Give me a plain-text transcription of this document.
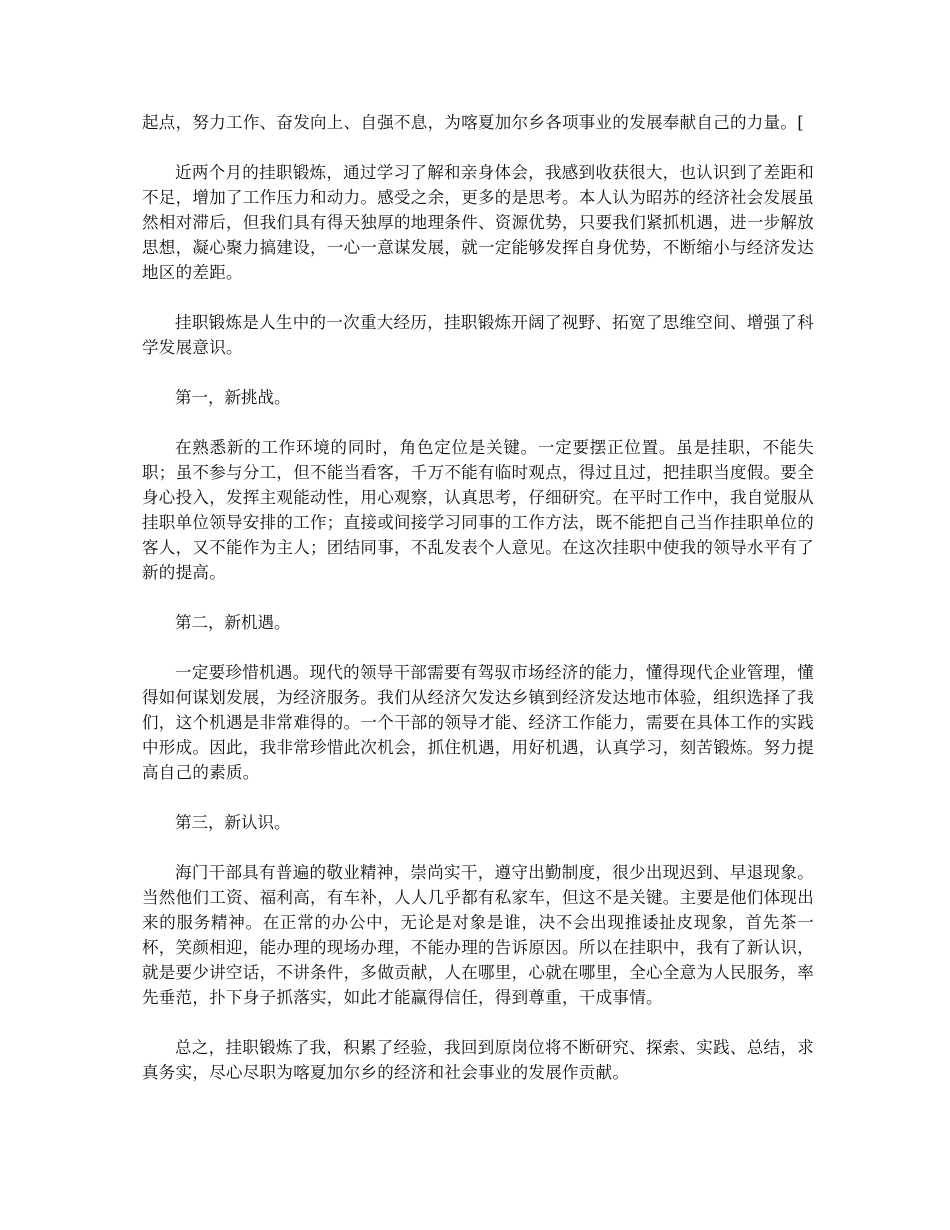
起点，努力工作、奋发向上、自强不息，为喀夏加尔乡各项事业的发展奉献自己的力量。[

近两个月的挂职锻炼，通过学习了解和亲身体会，我感到收获很大，也认识到了差距和不足，增加了工作压力和动力。感受之余，更多的是思考。本人认为昭苏的经济社会发展虽然相对滞后，但我们具有得天独厚的地理条件、资源优势，只要我们紧抓机遇，进一步解放思想，凝心聚力搞建设，一心一意谋发展，就一定能够发挥自身优势，不断缩小与经济发达地区的差距。

挂职锻炼是人生中的一次重大经历，挂职锻炼开阔了视野、拓宽了思维空间、增强了科学发展意识。

第一，新挑战。

在熟悉新的工作环境的同时，角色定位是关键。一定要摆正位置。虽是挂职，不能失职；虽不参与分工，但不能当看客，千万不能有临时观点，得过且过，把挂职当度假。要全身心投入，发挥主观能动性，用心观察，认真思考，仔细研究。在平时工作中，我自觉服从挂职单位领导安排的工作；直接或间接学习同事的工作方法，既不能把自己当作挂职单位的客人，又不能作为主人；团结同事，不乱发表个人意见。在这次挂职中使我的领导水平有了新的提高。

第二，新机遇。

一定要珍惜机遇。现代的领导干部需要有驾驭市场经济的能力，懂得现代企业管理，懂得如何谋划发展，为经济服务。我们从经济欠发达乡镇到经济发达地市体验，组织选择了我们，这个机遇是非常难得的。一个干部的领导才能、经济工作能力，需要在具体工作的实践中形成。因此，我非常珍惜此次机会，抓住机遇，用好机遇，认真学习，刻苦锻炼。努力提高自己的素质。

第三，新认识。

海门干部具有普遍的敬业精神，崇尚实干，遵守出勤制度，很少出现迟到、早退现象。当然他们工资、福利高，有车补，人人几乎都有私家车，但这不是关键。主要是他们体现出来的服务精神。在正常的办公中，无论是对象是谁，决不会出现推诿扯皮现象，首先茶一杯，笑颜相迎，能办理的现场办理，不能办理的告诉原因。所以在挂职中，我有了新认识，就是要少讲空话，不讲条件，多做贡献，人在哪里，心就在哪里，全心全意为人民服务，率先垂范，扑下身子抓落实，如此才能赢得信任，得到尊重，干成事情。

总之，挂职锻炼了我，积累了经验，我回到原岗位将不断研究、探索、实践、总结，求真务实，尽心尽职为喀夏加尔乡的经济和社会事业的发展作贡献。
